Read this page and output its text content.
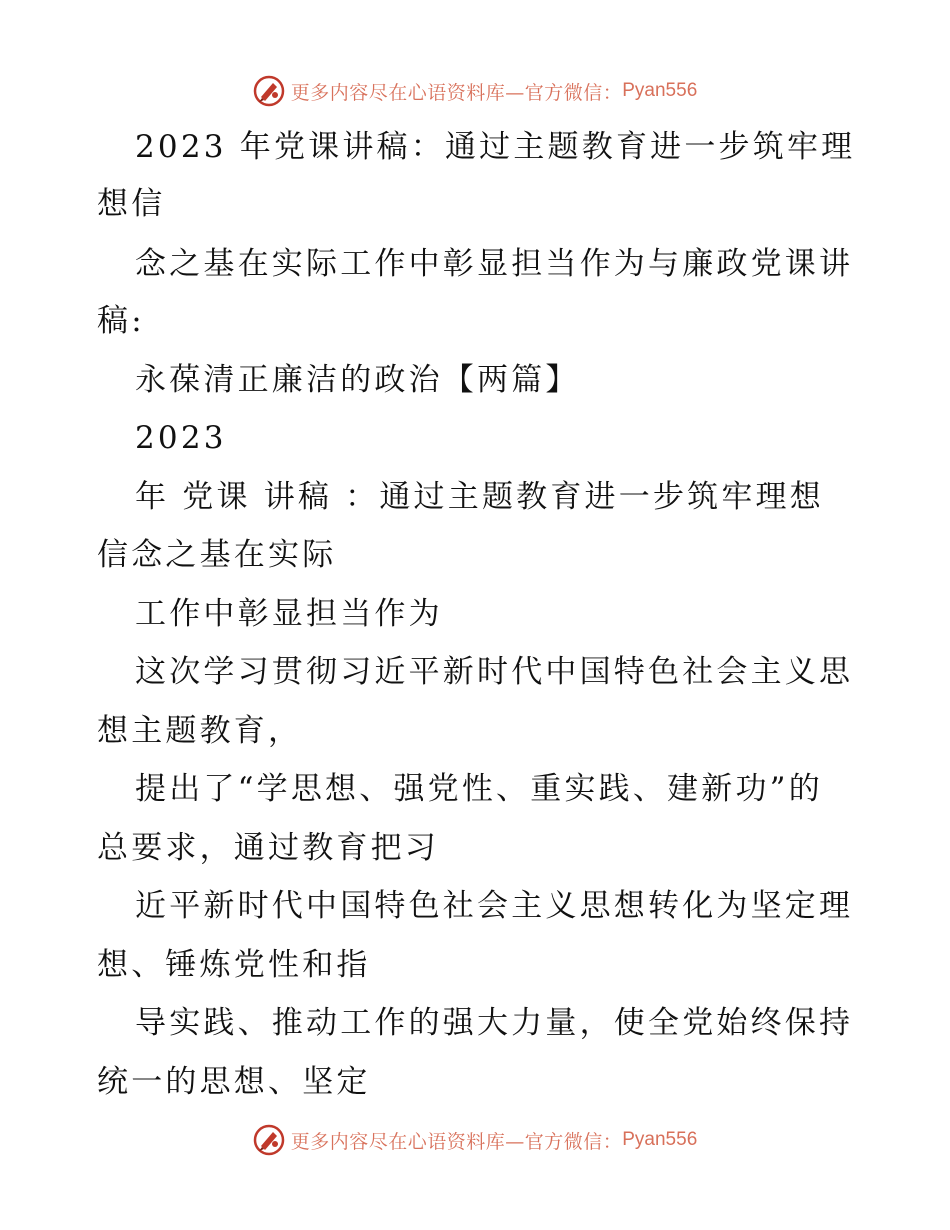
更多内容尽在心语资料库—官方微信： Pyan556
2023 年党课讲稿：通过主题教育进一步筑牢理
想信
念之基在实际工作中彰显担当作为与廉政党课讲
稿:
永葆清正廉洁的政治【两篇】
2023
年 党课 讲稿 ：通过主题教育进一步筑牢理想
信念之基在实际
工作中彰显担当作为
这次学习贯彻习近平新时代中国特色社会主义思
想主题教育，
提出了“学思想、强党性、重实践、建新功”的
总要求，通过教育把习
近平新时代中国特色社会主义思想转化为坚定理
想、锤炼党性和指
导实践、推动工作的强大力量，使全党始终保持
统一的思想、坚定
更多内容尽在心语资料库—官方微信： Pyan556
